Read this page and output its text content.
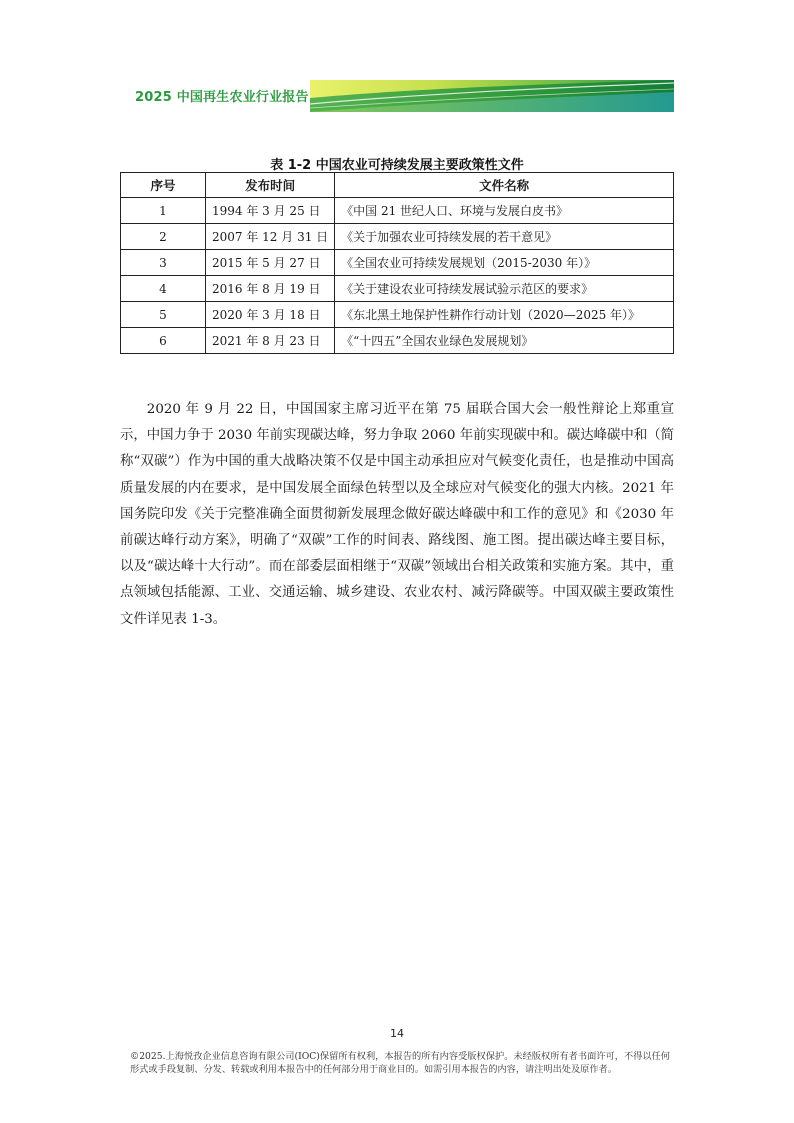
2025 中国再生农业行业报告
表 1-2 中国农业可持续发展主要政策性文件
序号	发布时间	文件名称
1	1994 年 3 月 25 日	《中国 21 世纪人口、环境与发展白皮书》
2	2007 年 12 月 31 日	《关于加强农业可持续发展的若干意见》
3	2015 年 5 月 27 日	《全国农业可持续发展规划（2015-2030 年）》
4	2016 年 8 月 19 日	《关于建设农业可持续发展试验示范区的要求》
5	2020 年 3 月 18 日	《东北黑土地保护性耕作行动计划（2020—2025 年）》
6	2021 年 8 月 23 日	《“十四五”全国农业绿色发展规划》

2020 年 9 月 22 日，中国国家主席习近平在第 75 届联合国大会一般性辩论上郑重宣示，中国力争于 2030 年前实现碳达峰，努力争取 2060 年前实现碳中和。碳达峰碳中和（简称“双碳”）作为中国的重大战略决策不仅是中国主动承担应对气候变化责任，也是推动中国高质量发展的内在要求，是中国发展全面绿色转型以及全球应对气候变化的强大内核。2021 年国务院印发《关于完整准确全面贯彻新发展理念做好碳达峰碳中和工作的意见》和《2030 年前碳达峰行动方案》，明确了“双碳”工作的时间表、路线图、施工图。提出碳达峰主要目标，以及“碳达峰十大行动”。而在部委层面相继于“双碳”领域出台相关政策和实施方案。其中，重点领域包括能源、工业、交通运输、城乡建设、农业农村、减污降碳等。中国双碳主要政策性文件详见表 1-3。

14
©2025.上海悦孜企业信息咨询有限公司(IOC)保留所有权利，本报告的所有内容受版权保护。未经版权所有者书面许可，不得以任何形式或手段复制、分发、转载或利用本报告中的任何部分用于商业目的。如需引用本报告的内容，请注明出处及原作者。
